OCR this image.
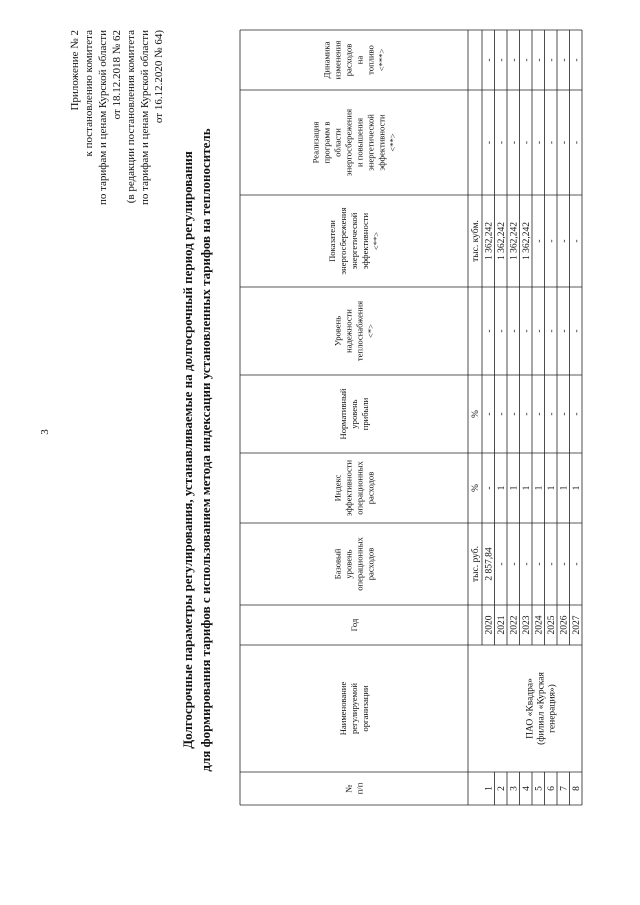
3
Приложение № 2 к постановлению комитета по тарифам и ценам Курской области от 18.12.2018 № 62 (в редакции постановления комитета по тарифам и ценам Курской области от 16.12.2020 № 64)
Долгосрочные параметры регулирования, устанавливаемые на долгосрочный период регулирования для формирования тарифов с использованием метода индексации установленных тарифов на теплоноситель
№ п/п
Наименование регулируемой организации
Год
Базовый уровень операционных расходов
Индекс эффективности операционных расходов
Нормативный уровень прибыли
Уровень надежности теплоснабжения <*>
Показатели энергосбережения энергетической эффективности <**>
Реализация программ в области энергосбережения и повышения энергетической эффективности <**>
Динамика изменения расходов на топливо <***>
тыс. руб.
%
%
тыс. кубм.
ПАО «Квадра» (филиал «Курская генерация»)
1
2020
2 857,84
-
-
-
1 362,242
-
-
2
2021
-
1
-
-
1 362,242
-
-
3
2022
-
1
-
-
1 362,242
-
-
4
2023
-
1
-
-
1 362,242
-
-
5
2024
-
1
-
-
-
-
-
6
2025
-
1
-
-
-
-
-
7
2026
-
1
-
-
-
-
-
8
2027
-
1
-
-
-
-
-
